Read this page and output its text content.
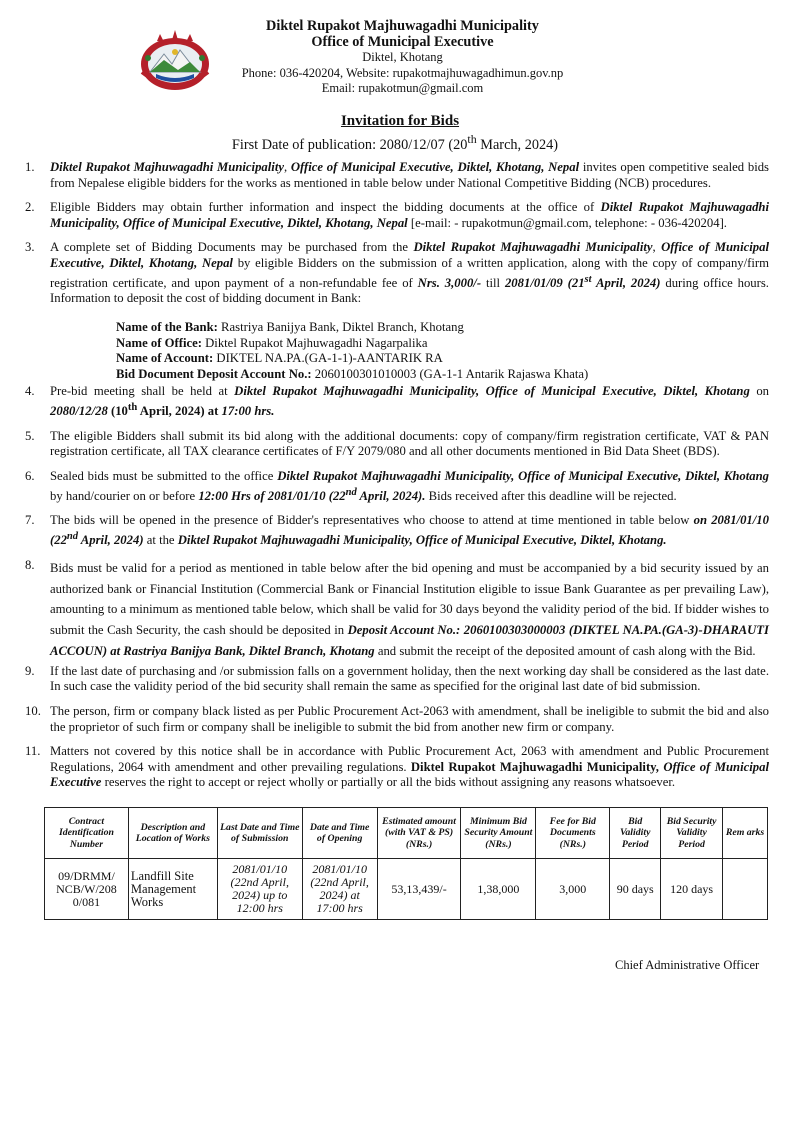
Diktel Rupakot Majhuwagadhi Municipality
Office of Municipal Executive
Diktel, Khotang
Phone: 036-420204, Website: rupakotmajhuwagadhimun.gov.np
Email: rupakotmun@gmail.com
Invitation for Bids
First Date of publication: 2080/12/07 (20th March, 2024)
1.	Diktel Rupakot Majhuwagadhi Municipality, Office of Municipal Executive, Diktel, Khotang, Nepal invites open competitive sealed bids from Nepalese eligible bidders for the works as mentioned in table below under National Competitive Bidding (NCB) procedures.
2.	Eligible Bidders may obtain further information and inspect the bidding documents at the office of Diktel Rupakot Majhuwagadhi Municipality, Office of Municipal Executive, Diktel, Khotang, Nepal [e-mail: - rupakotmun@gmail.com, telephone: - 036-420204].
3.	A complete set of Bidding Documents may be purchased from the Diktel Rupakot Majhuwagadhi Municipality, Office of Municipal Executive, Diktel, Khotang, Nepal by eligible Bidders on the submission of a written application, along with the copy of company/firm registration certificate, and upon payment of a non-refundable fee of Nrs. 3,000/- till 2081/01/09 (21st April, 2024) during office hours. Information to deposit the cost of bidding document in Bank:
Name of the Bank: Rastriya Banijya Bank, Diktel Branch, Khotang
Name of Office: Diktel Rupakot Majhuwagadhi Nagarpalika
Name of Account: DIKTEL NA.PA.(GA-1-1)-AANTARIK RA
Bid Document Deposit Account No.: 2060100301010003 (GA-1-1 Antarik Rajaswa Khata)
4.	Pre-bid meeting shall be held at Diktel Rupakot Majhuwagadhi Municipality, Office of Municipal Executive, Diktel, Khotang on 2080/12/28 (10th April, 2024) at 17:00 hrs.
5.	The eligible Bidders shall submit its bid along with the additional documents: copy of company/firm registration certificate, VAT & PAN registration certificate, all TAX clearance certificates of F/Y 2079/080 and all other documents mentioned in Bid Data Sheet (BDS).
6.	Sealed bids must be submitted to the office Diktel Rupakot Majhuwagadhi Municipality, Office of Municipal Executive, Diktel, Khotang by hand/courier on or before 12:00 Hrs of 2081/01/10 (22nd April, 2024). Bids received after this deadline will be rejected.
7.	The bids will be opened in the presence of Bidder's representatives who choose to attend at time mentioned in table below on 2081/01/10 (22nd April, 2024) at the Diktel Rupakot Majhuwagadhi Municipality, Office of Municipal Executive, Diktel, Khotang.
8.	Bids must be valid for a period as mentioned in table below after the bid opening and must be accompanied by a bid security issued by an authorized bank or Financial Institution (Commercial Bank or Financial Institution eligible to issue Bank Guarantee as per prevailing Law), amounting to a minimum as mentioned table below, which shall be valid for 30 days beyond the validity period of the bid. If bidder wishes to submit the Cash Security, the cash should be deposited in Deposit Account No.: 2060100303000003 (DIKTEL NA.PA.(GA-3)-DHARAUTI ACCOUN) at Rastriya Banijya Bank, Diktel Branch, Khotang and submit the receipt of the deposited amount of cash along with the Bid.
9.	If the last date of purchasing and /or submission falls on a government holiday, then the next working day shall be considered as the last date. In such case the validity period of the bid security shall remain the same as specified for the original last date of bid submission.
10. The person, firm or company black listed as per Public Procurement Act-2063 with amendment, shall be ineligible to submit the bid and also the proprietor of such firm or company shall be ineligible to submit the bid from another new firm or company.
11. Matters not covered by this notice shall be in accordance with Public Procurement Act, 2063 with amendment and Public Procurement Regulations, 2064 with amendment and other prevailing regulations. Diktel Rupakot Majhuwagadhi Municipality, Office of Municipal Executive reserves the right to accept or reject wholly or partially or all the bids without assigning any reasons whatsoever.
Contract Identification Number	Description and Location of Works	Last Date and Time of Submission	Date and Time of Opening	Estimated amount (with VAT & PS) (NRs.)	Minimum Bid Security Amount (NRs.)	Fee for Bid Documents (NRs.)	Bid Validity Period	Bid Security Validity Period	Rem arks
09/DRMM/ NCB/W/208 0/081	Landfill Site Management Works	2081/01/10 (22nd April, 2024) up to 12:00 hrs	2081/01/10 (22nd April, 2024) at 17:00 hrs	53,13,439/-	1,38,000	3,000	90 days	120 days	
Chief Administrative Officer
